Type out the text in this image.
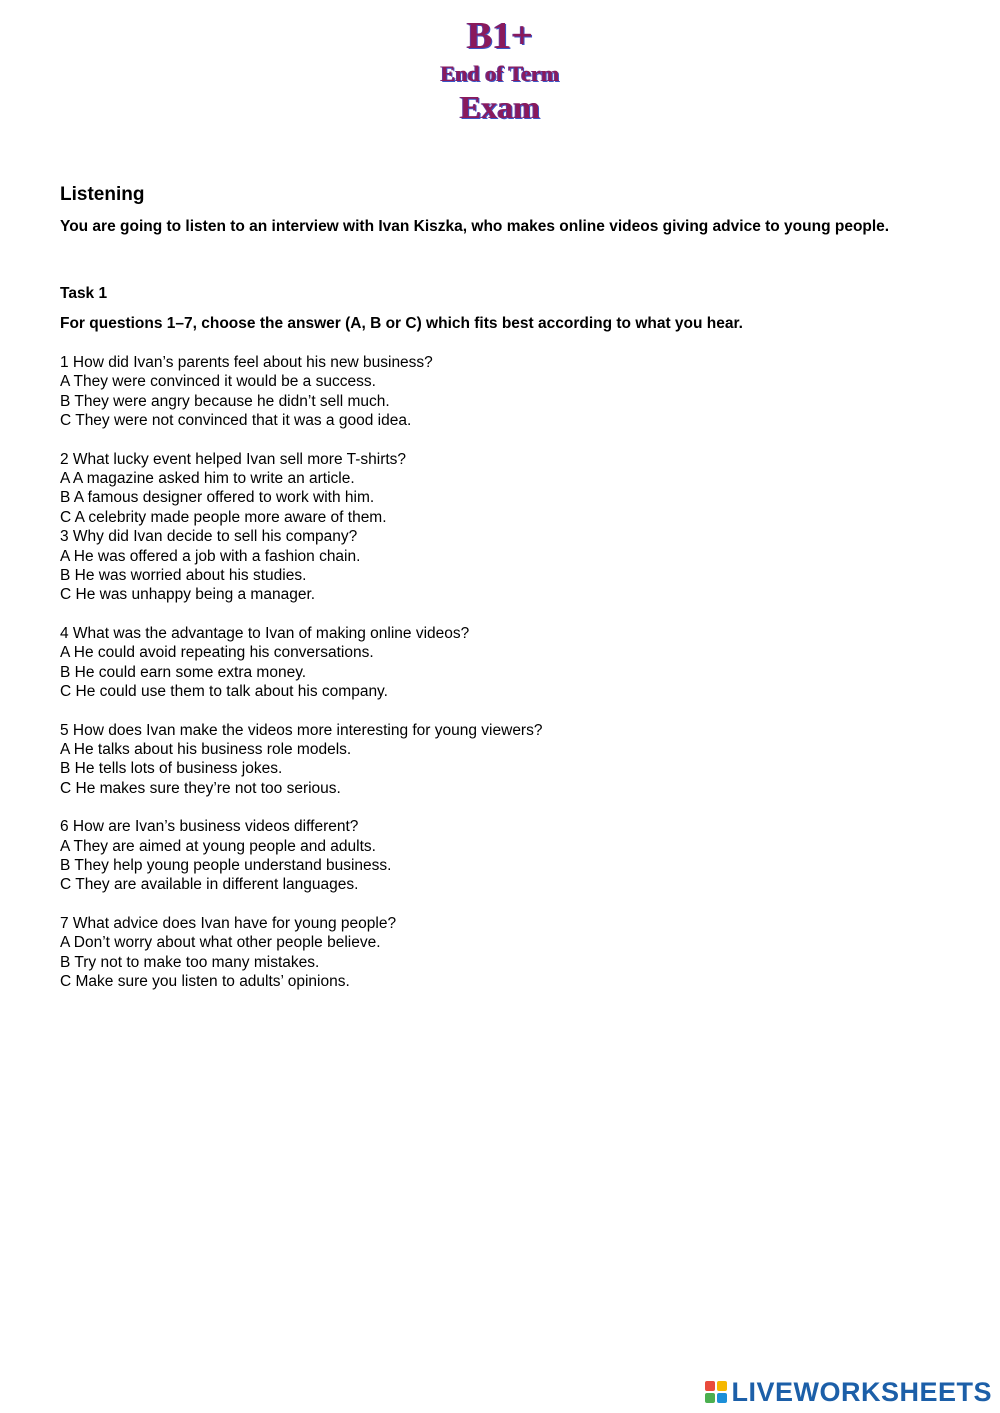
B1+
End of Term
Exam
Listening
You are going to listen to an interview with Ivan Kiszka, who makes online videos giving advice to young people.
Task 1
For questions 1–7, choose the answer (A, B or C) which fits best according to what you hear.
1 How did Ivan’s parents feel about his new business?
A They were convinced it would be a success.
B They were angry because he didn’t sell much.
C They were not convinced that it was a good idea.
2 What lucky event helped Ivan sell more T-shirts?
A A magazine asked him to write an article.
B A famous designer offered to work with him.
C A celebrity made people more aware of them.
3 Why did Ivan decide to sell his company?
A He was offered a job with a fashion chain.
B He was worried about his studies.
C He was unhappy being a manager.
4 What was the advantage to Ivan of making online videos?
A He could avoid repeating his conversations.
B He could earn some extra money.
C He could use them to talk about his company.
5 How does Ivan make the videos more interesting for young viewers?
A He talks about his business role models.
B He tells lots of business jokes.
C He makes sure they’re not too serious.
6 How are Ivan’s business videos different?
A They are aimed at young people and adults.
B They help young people understand business.
C They are available in different languages.
7 What advice does Ivan have for young people?
A Don’t worry about what other people believe.
B Try not to make too many mistakes.
C Make sure you listen to adults’ opinions.
LIVEWORKSHEETS
